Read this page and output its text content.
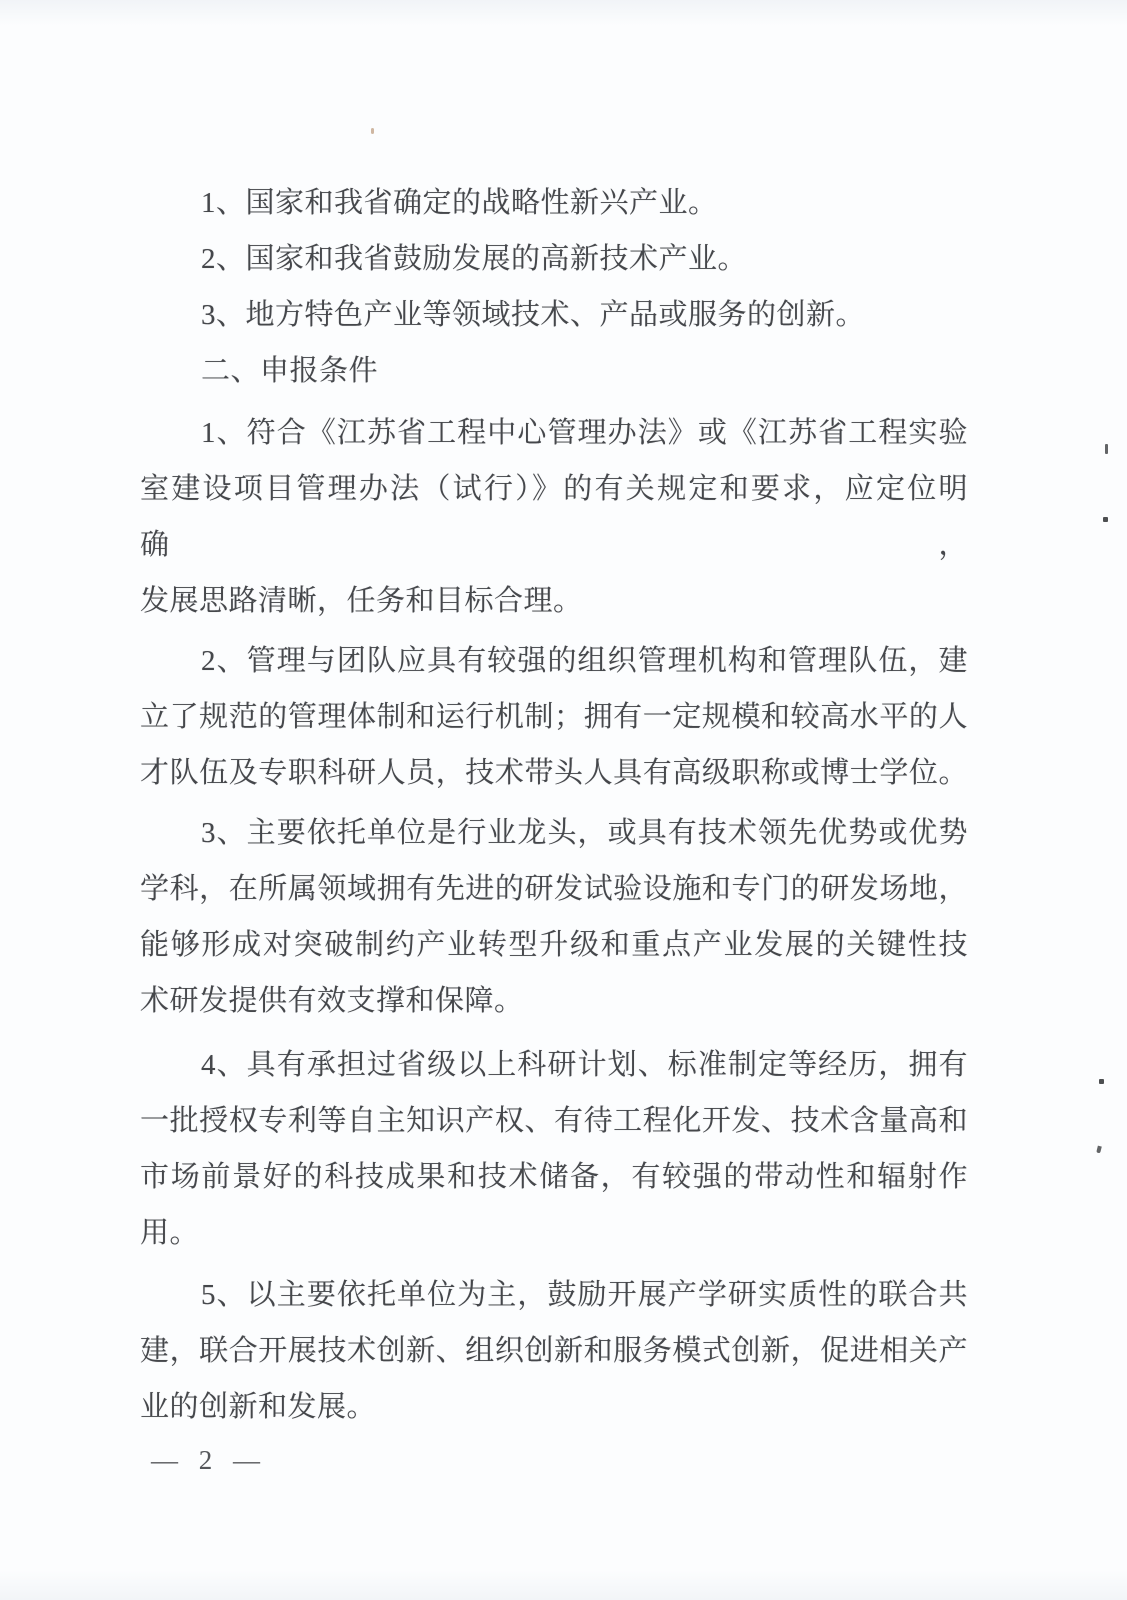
1、国家和我省确定的战略性新兴产业。

2、国家和我省鼓励发展的高新技术产业。

3、地方特色产业等领域技术、产品或服务的创新。

二、申报条件

1、符合《江苏省工程中心管理办法》或《江苏省工程实验
室建设项目管理办法（试行）》的有关规定和要求，应定位明确，
发展思路清晰，任务和目标合理。

2、管理与团队应具有较强的组织管理机构和管理队伍，建
立了规范的管理体制和运行机制；拥有一定规模和较高水平的人
才队伍及专职科研人员，技术带头人具有高级职称或博士学位。

3、主要依托单位是行业龙头，或具有技术领先优势或优势
学科，在所属领域拥有先进的研发试验设施和专门的研发场地，
能够形成对突破制约产业转型升级和重点产业发展的关键性技
术研发提供有效支撑和保障。

4、具有承担过省级以上科研计划、标准制定等经历，拥有
一批授权专利等自主知识产权、有待工程化开发、技术含量高和
市场前景好的科技成果和技术储备，有较强的带动性和辐射作
用。

5、以主要依托单位为主，鼓励开展产学研实质性的联合共
建，联合开展技术创新、组织创新和服务模式创新，促进相关产
业的创新和发展。

— 2 —
